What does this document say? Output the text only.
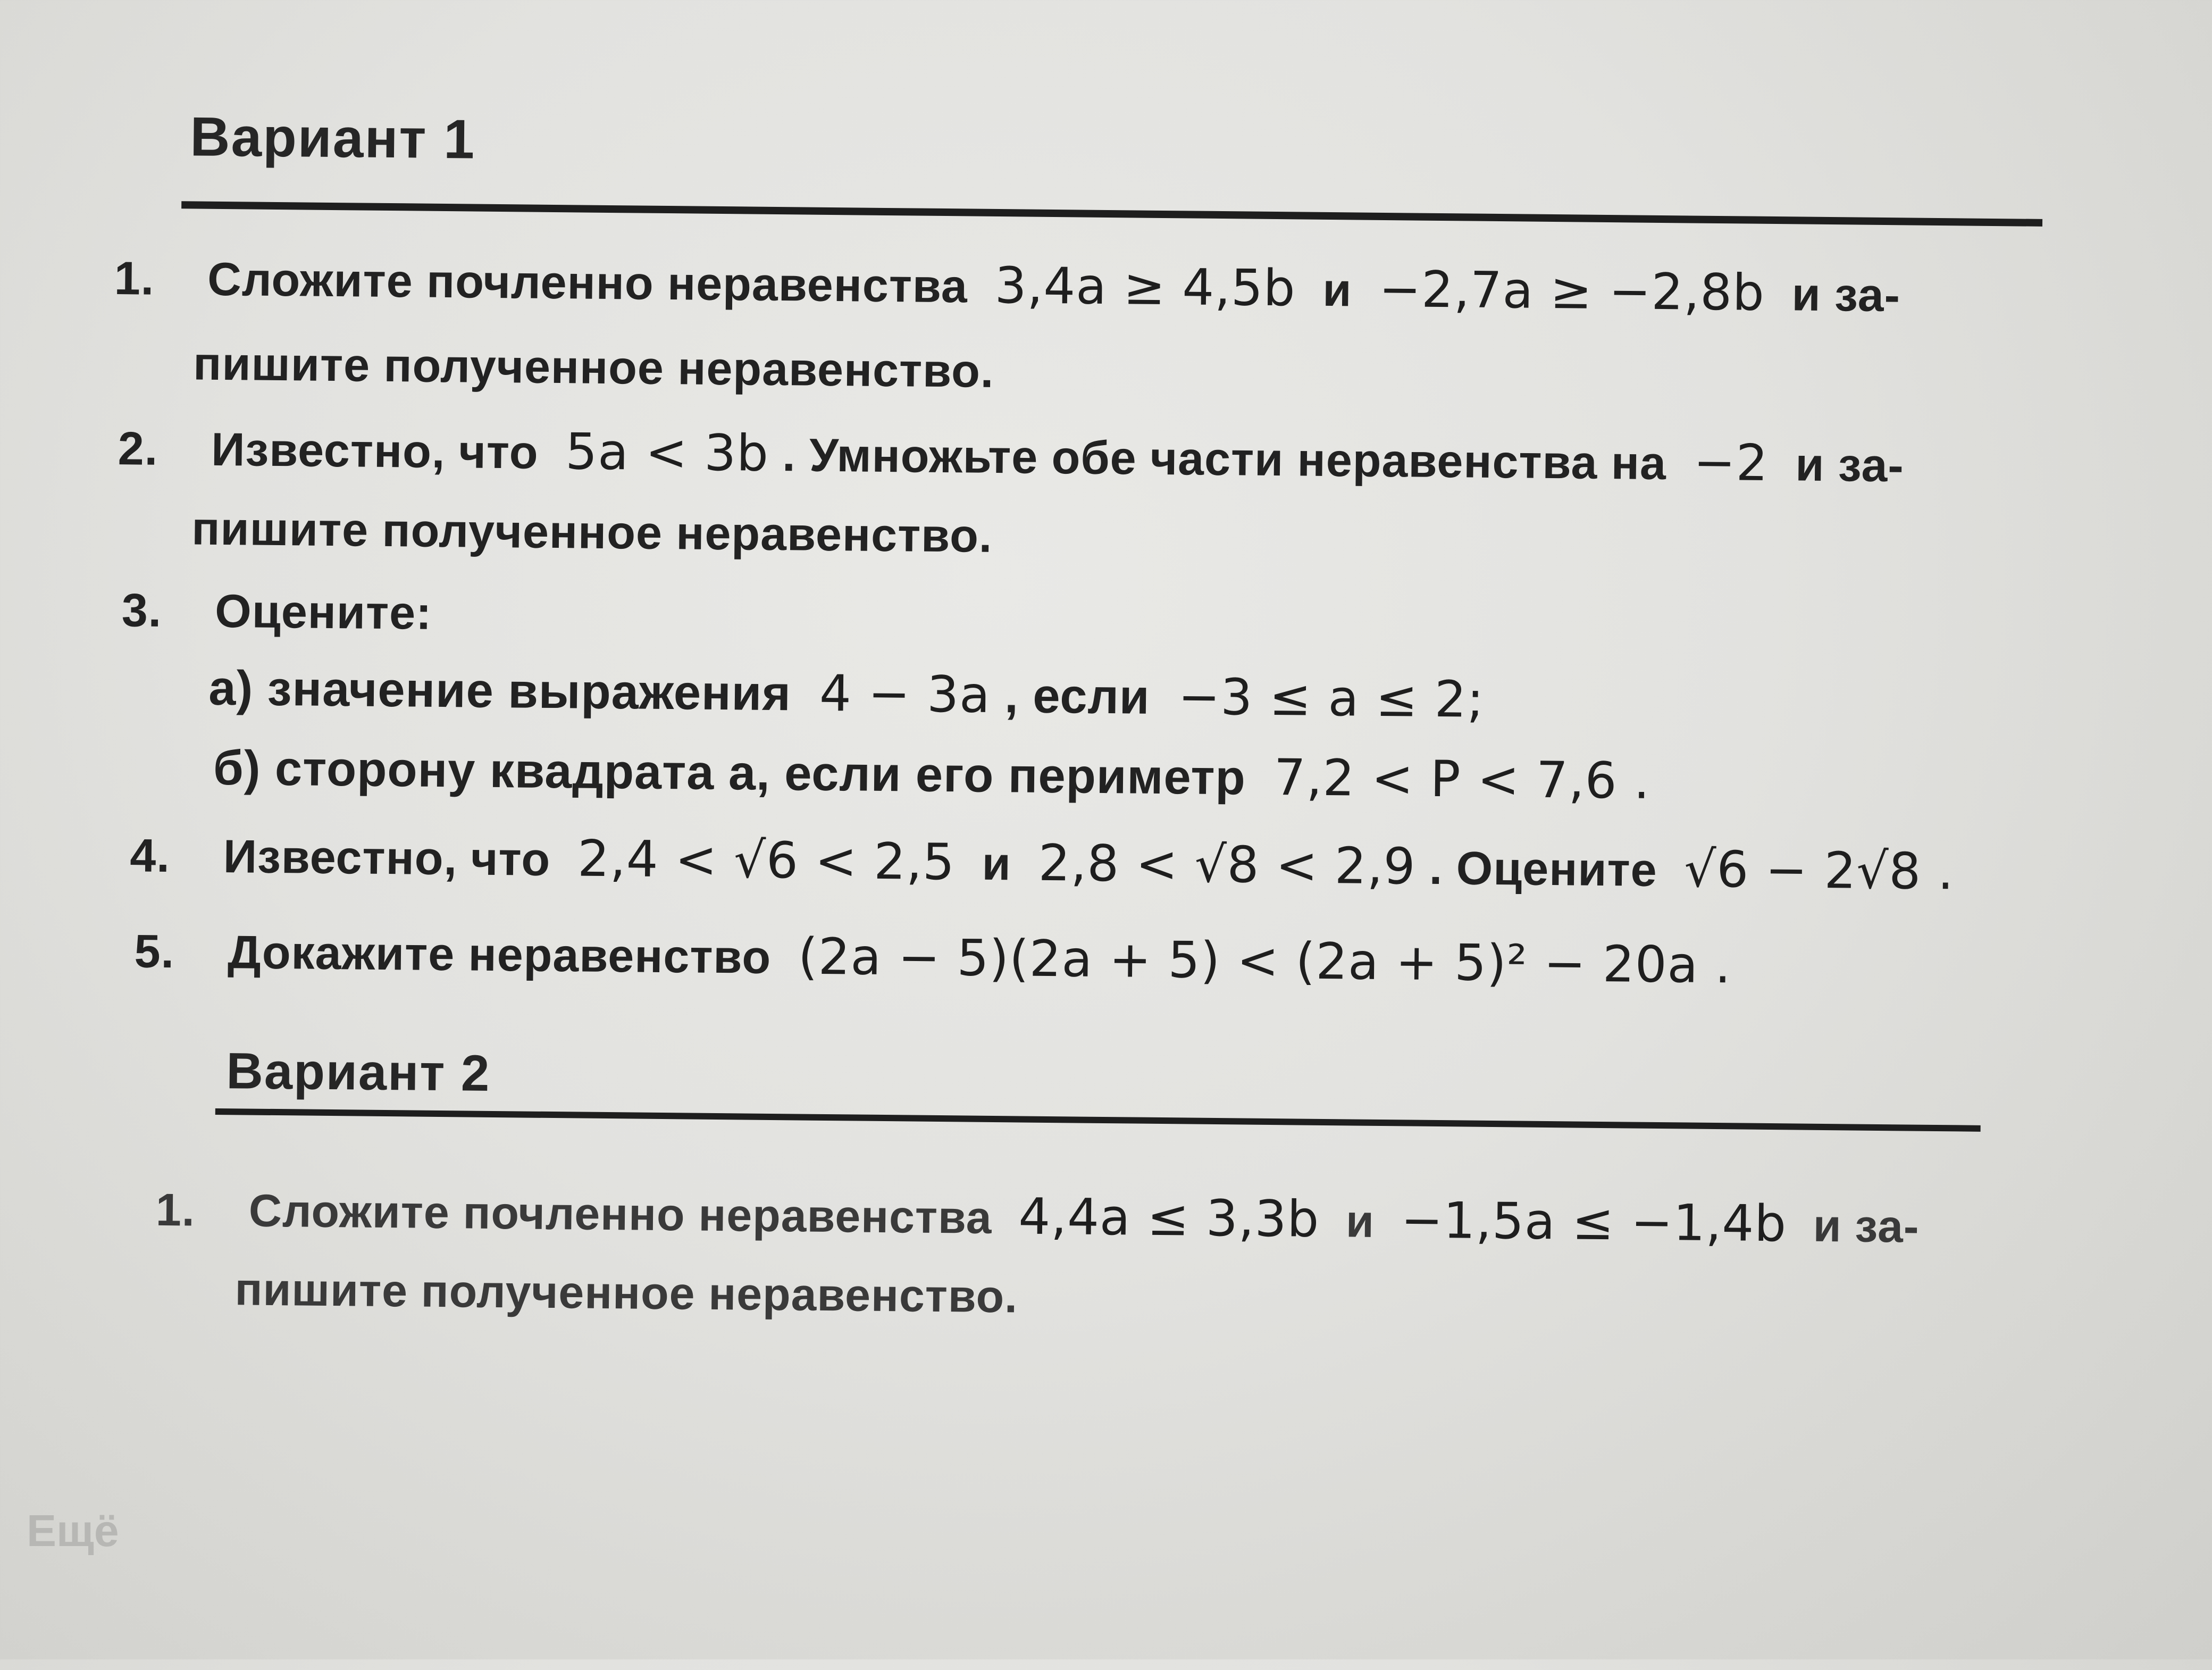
Вариант 1
1. Сложите почленно неравенства 3,4a ≥ 4,5b и −2,7a ≥ −2,8b и за-
пишите полученное неравенство.
2. Известно, что 5a < 3b . Умножьте обе части неравенства на −2 и за-
пишите полученное неравенство.
3. Оцените:
а) значение выражения 4 − 3a , если −3 ≤ a ≤ 2;
б) сторону квадрата a, если его периметр 7,2 < P < 7,6 .
4. Известно, что 2,4 < √6 < 2,5 и 2,8 < √8 < 2,9 . Оцените √6 − 2√8 .
5. Докажите неравенство (2a − 5)(2a + 5) < (2a + 5)² − 20a .
Вариант 2
1. Сложите почленно неравенства 4,4a ≤ 3,3b и −1,5a ≤ −1,4b и за-
пишите полученное неравенство.
Ещё
